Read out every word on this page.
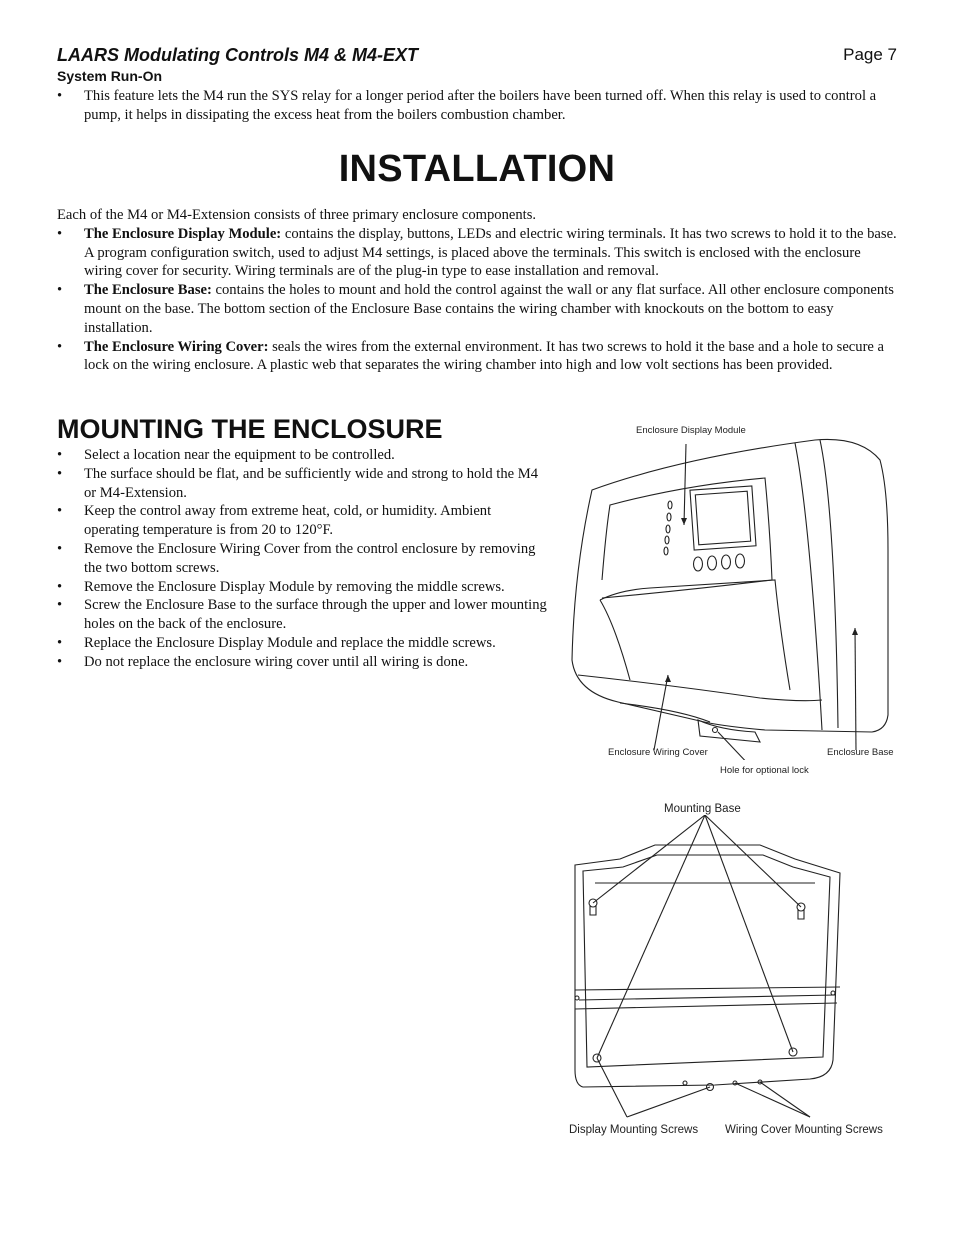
LAARS Modulating Controls M4 & M4-EXT	Page 7
System Run-On
• This feature lets the M4 run the SYS relay for a longer period after the boilers have been turned off. When this relay is used to control a pump, it helps in dissipating the excess heat from the boilers combustion chamber.
INSTALLATION
Each of the M4 or M4-Extension consists of three primary enclosure components.
• The Enclosure Display Module: contains the display, buttons, LEDs and electric wiring terminals. It has two screws to hold it to the base. A program configuration switch, used to adjust M4 settings, is placed above the terminals. This switch is enclosed with the enclosure wiring cover for security. Wiring terminals are of the plug-in type to ease installation and removal.
• The Enclosure Base: contains the holes to mount and hold the control against the wall or any flat surface. All other enclosure components mount on the base. The bottom section of the Enclosure Base contains the wiring chamber with knockouts on the bottom to easy installation.
• The Enclosure Wiring Cover: seals the wires from the external environment. It has two screws to hold it the base and a hole to secure a lock on the wiring enclosure. A plastic web that separates the wiring chamber into high and low volt sections has been provided.
MOUNTING THE ENCLOSURE
• Select a location near the equipment to be controlled.
• The surface should be flat, and be sufficiently wide and strong to hold the M4 or M4-Extension.
• Keep the control away from extreme heat, cold, or humidity. Ambient operating temperature is from 20 to 120°F.
• Remove the Enclosure Wiring Cover from the control enclosure by removing the two bottom screws.
• Remove the Enclosure Display Module by removing the middle screws.
• Screw the Enclosure Base to the surface through the upper and lower mounting holes on the back of the enclosure.
• Replace the Enclosure Display Module and replace the middle screws.
• Do not replace the enclosure wiring cover until all wiring is done.
Enclosure Display Module
Enclosure Wiring Cover	Enclosure Base
Hole for optional lock
Mounting Base
Display Mounting Screws Wiring Cover Mounting Screws
